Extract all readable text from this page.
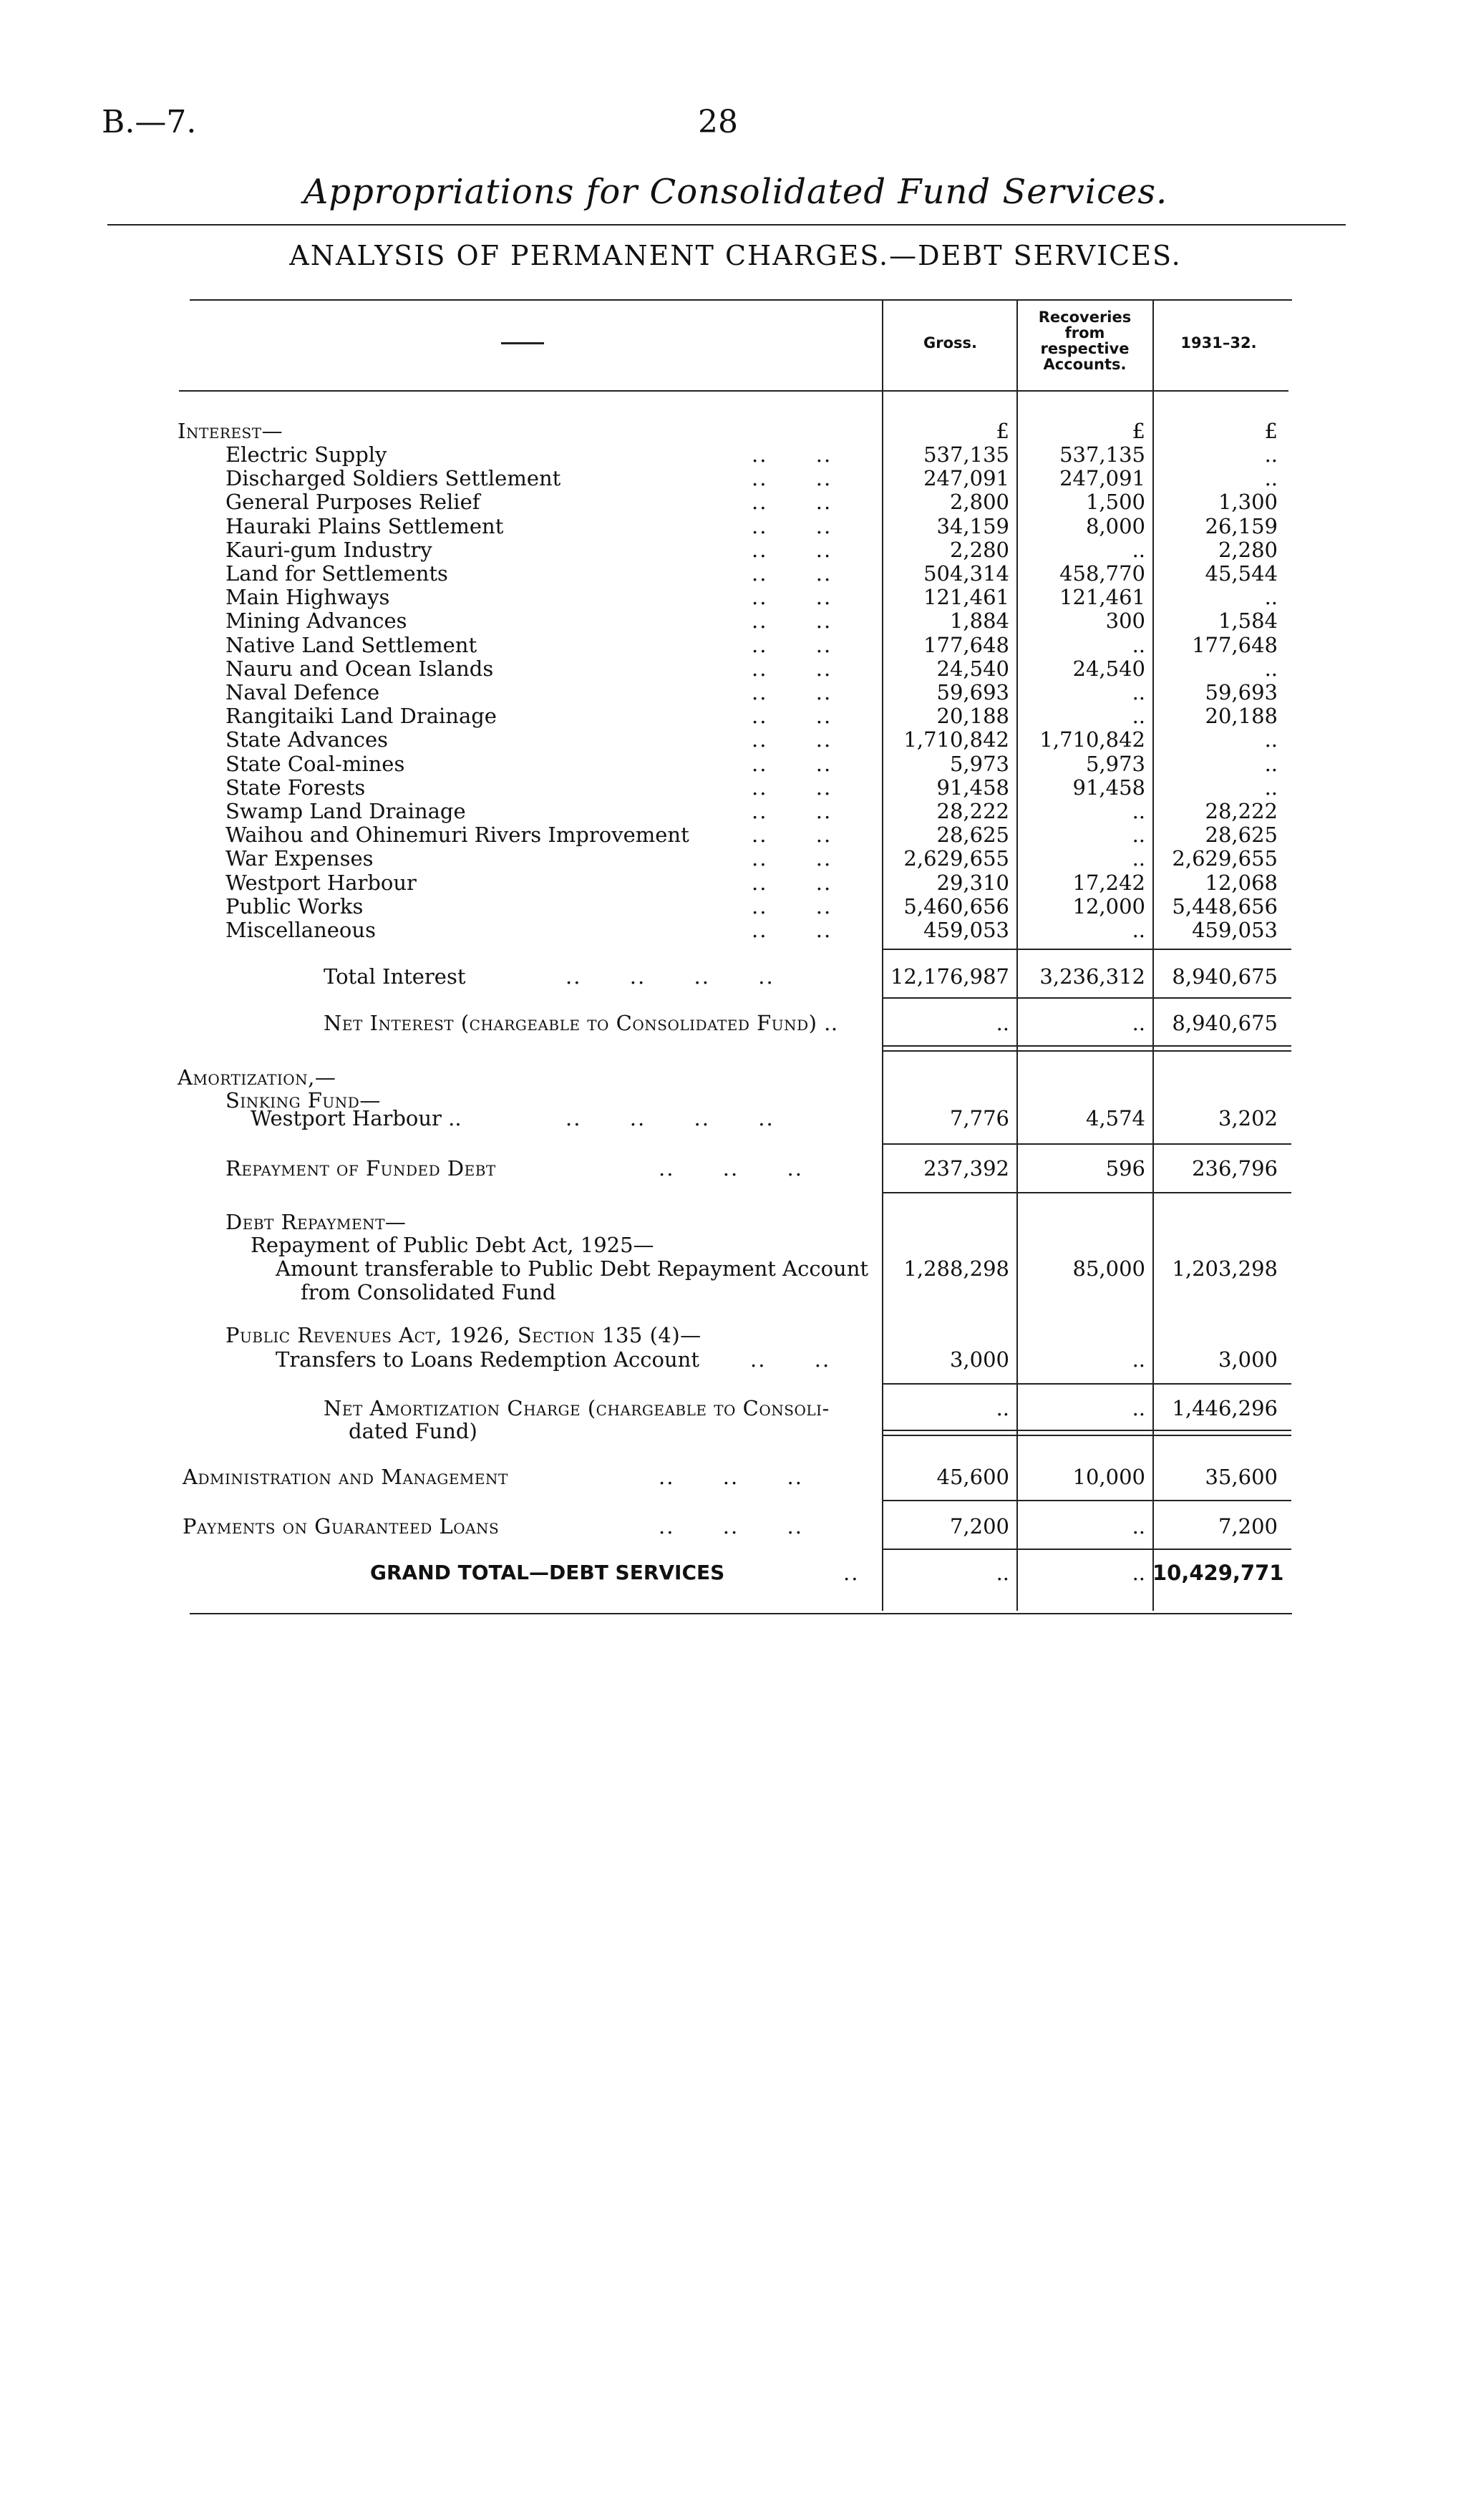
B.—7.	28
Appropriations for Consolidated Fund Services.
ANALYSIS OF PERMANENT CHARGES.—DEBT SERVICES.
Gross.
Recoveries from respective Accounts.
1931–32.
Interest—	£	£	£
Electric Supply	..      ..	537,135	537,135	..
Discharged Soldiers Settlement	..      ..	247,091	247,091	..
General Purposes Relief	..      ..	2,800	1,500	1,300
Hauraki Plains Settlement	..      ..	34,159	8,000	26,159
Kauri-gum Industry	..      ..	2,280	..	2,280
Land for Settlements	..      ..	504,314	458,770	45,544
Main Highways	..      ..	121,461	121,461	..
Mining Advances	..      ..	1,884	300	1,584
Native Land Settlement	..      ..	177,648	..	177,648
Nauru and Ocean Islands	..      ..	24,540	24,540	..
Naval Defence	..      ..	59,693	..	59,693
Rangitaiki Land Drainage	..      ..	20,188	..	20,188
State Advances	..      ..	1,710,842	1,710,842	..
State Coal-mines	..      ..	5,973	5,973	..
State Forests	..      ..	91,458	91,458	..
Swamp Land Drainage	..      ..	28,222	..	28,222
Waihou and Ohinemuri Rivers Improvement	..      ..	28,625	..	28,625
War Expenses	..      ..	2,629,655	..	2,629,655
Westport Harbour	..      ..	29,310	17,242	12,068
Public Works	..      ..	5,460,656	12,000	5,448,656
Miscellaneous	..      ..	459,053	..	459,053
Total Interest	..      ..      ..      ..	12,176,987	3,236,312	8,940,675
Net Interest (chargeable to Consolidated Fund) ..	..	..	8,940,675
Amortization,—
Sinking Fund—
Westport Harbour ..	..      ..      ..      ..	7,776	4,574	3,202
Repayment of Funded Debt	..      ..      ..	237,392	596	236,796
Debt Repayment—
Repayment of Public Debt Act, 1925—
Amount transferable to Public Debt Repayment Account	1,288,298	85,000	1,203,298
from Consolidated Fund
Public Revenues Act, 1926, Section 135 (4)—
Transfers to Loans Redemption Account ..      ..	3,000	..	3,000
Net Amortization Charge (chargeable to Consoli-	..	..	1,446,296
dated Fund)
Administration and Management	..      ..      ..	45,600	10,000	35,600
Payments on Guaranteed Loans	..      ..      ..	7,200	..	7,200
GRAND TOTAL—DEBT SERVICES	..	..	.. 10,429,771
